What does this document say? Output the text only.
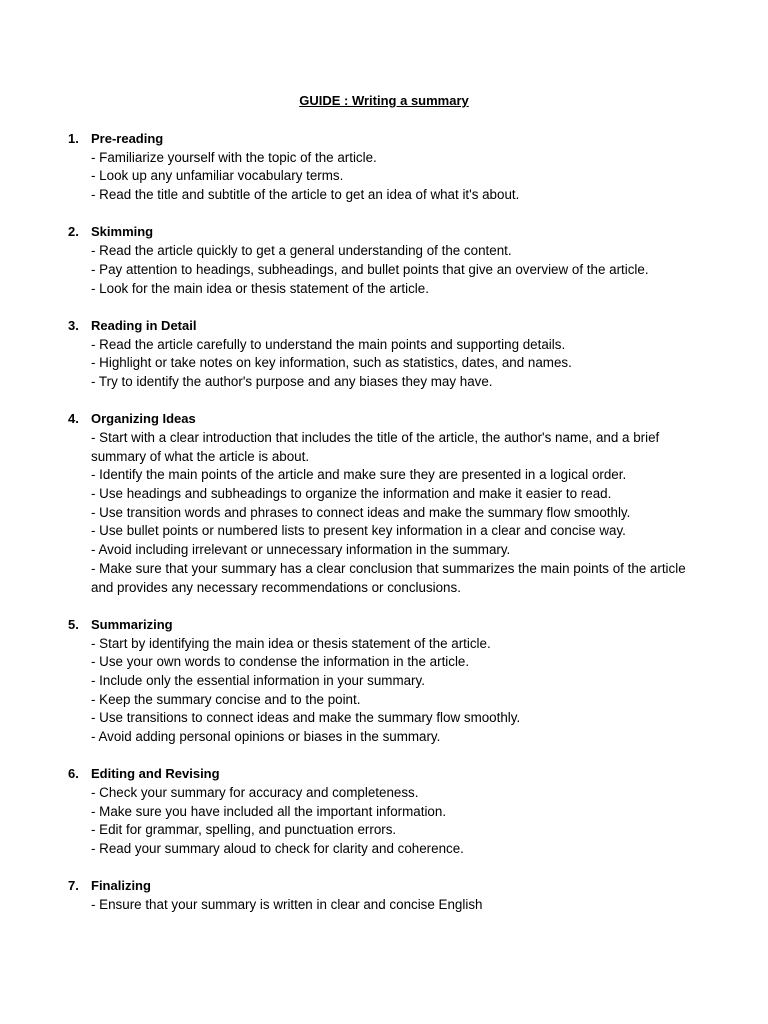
GUIDE : Writing a summary
1. Pre-reading
- Familiarize yourself with the topic of the article.
- Look up any unfamiliar vocabulary terms.
- Read the title and subtitle of the article to get an idea of what it's about.
2. Skimming
- Read the article quickly to get a general understanding of the content.
- Pay attention to headings, subheadings, and bullet points that give an overview of the article.
- Look for the main idea or thesis statement of the article.
3. Reading in Detail
- Read the article carefully to understand the main points and supporting details.
- Highlight or take notes on key information, such as statistics, dates, and names.
- Try to identify the author's purpose and any biases they may have.
4. Organizing Ideas
- Start with a clear introduction that includes the title of the article, the author's name, and a brief summary of what the article is about.
- Identify the main points of the article and make sure they are presented in a logical order.
- Use headings and subheadings to organize the information and make it easier to read.
- Use transition words and phrases to connect ideas and make the summary flow smoothly.
- Use bullet points or numbered lists to present key information in a clear and concise way.
- Avoid including irrelevant or unnecessary information in the summary.
- Make sure that your summary has a clear conclusion that summarizes the main points of the article and provides any necessary recommendations or conclusions.
5. Summarizing
- Start by identifying the main idea or thesis statement of the article.
- Use your own words to condense the information in the article.
- Include only the essential information in your summary.
- Keep the summary concise and to the point.
- Use transitions to connect ideas and make the summary flow smoothly.
- Avoid adding personal opinions or biases in the summary.
6. Editing and Revising
- Check your summary for accuracy and completeness.
- Make sure you have included all the important information.
- Edit for grammar, spelling, and punctuation errors.
- Read your summary aloud to check for clarity and coherence.
7. Finalizing
- Ensure that your summary is written in clear and concise English
